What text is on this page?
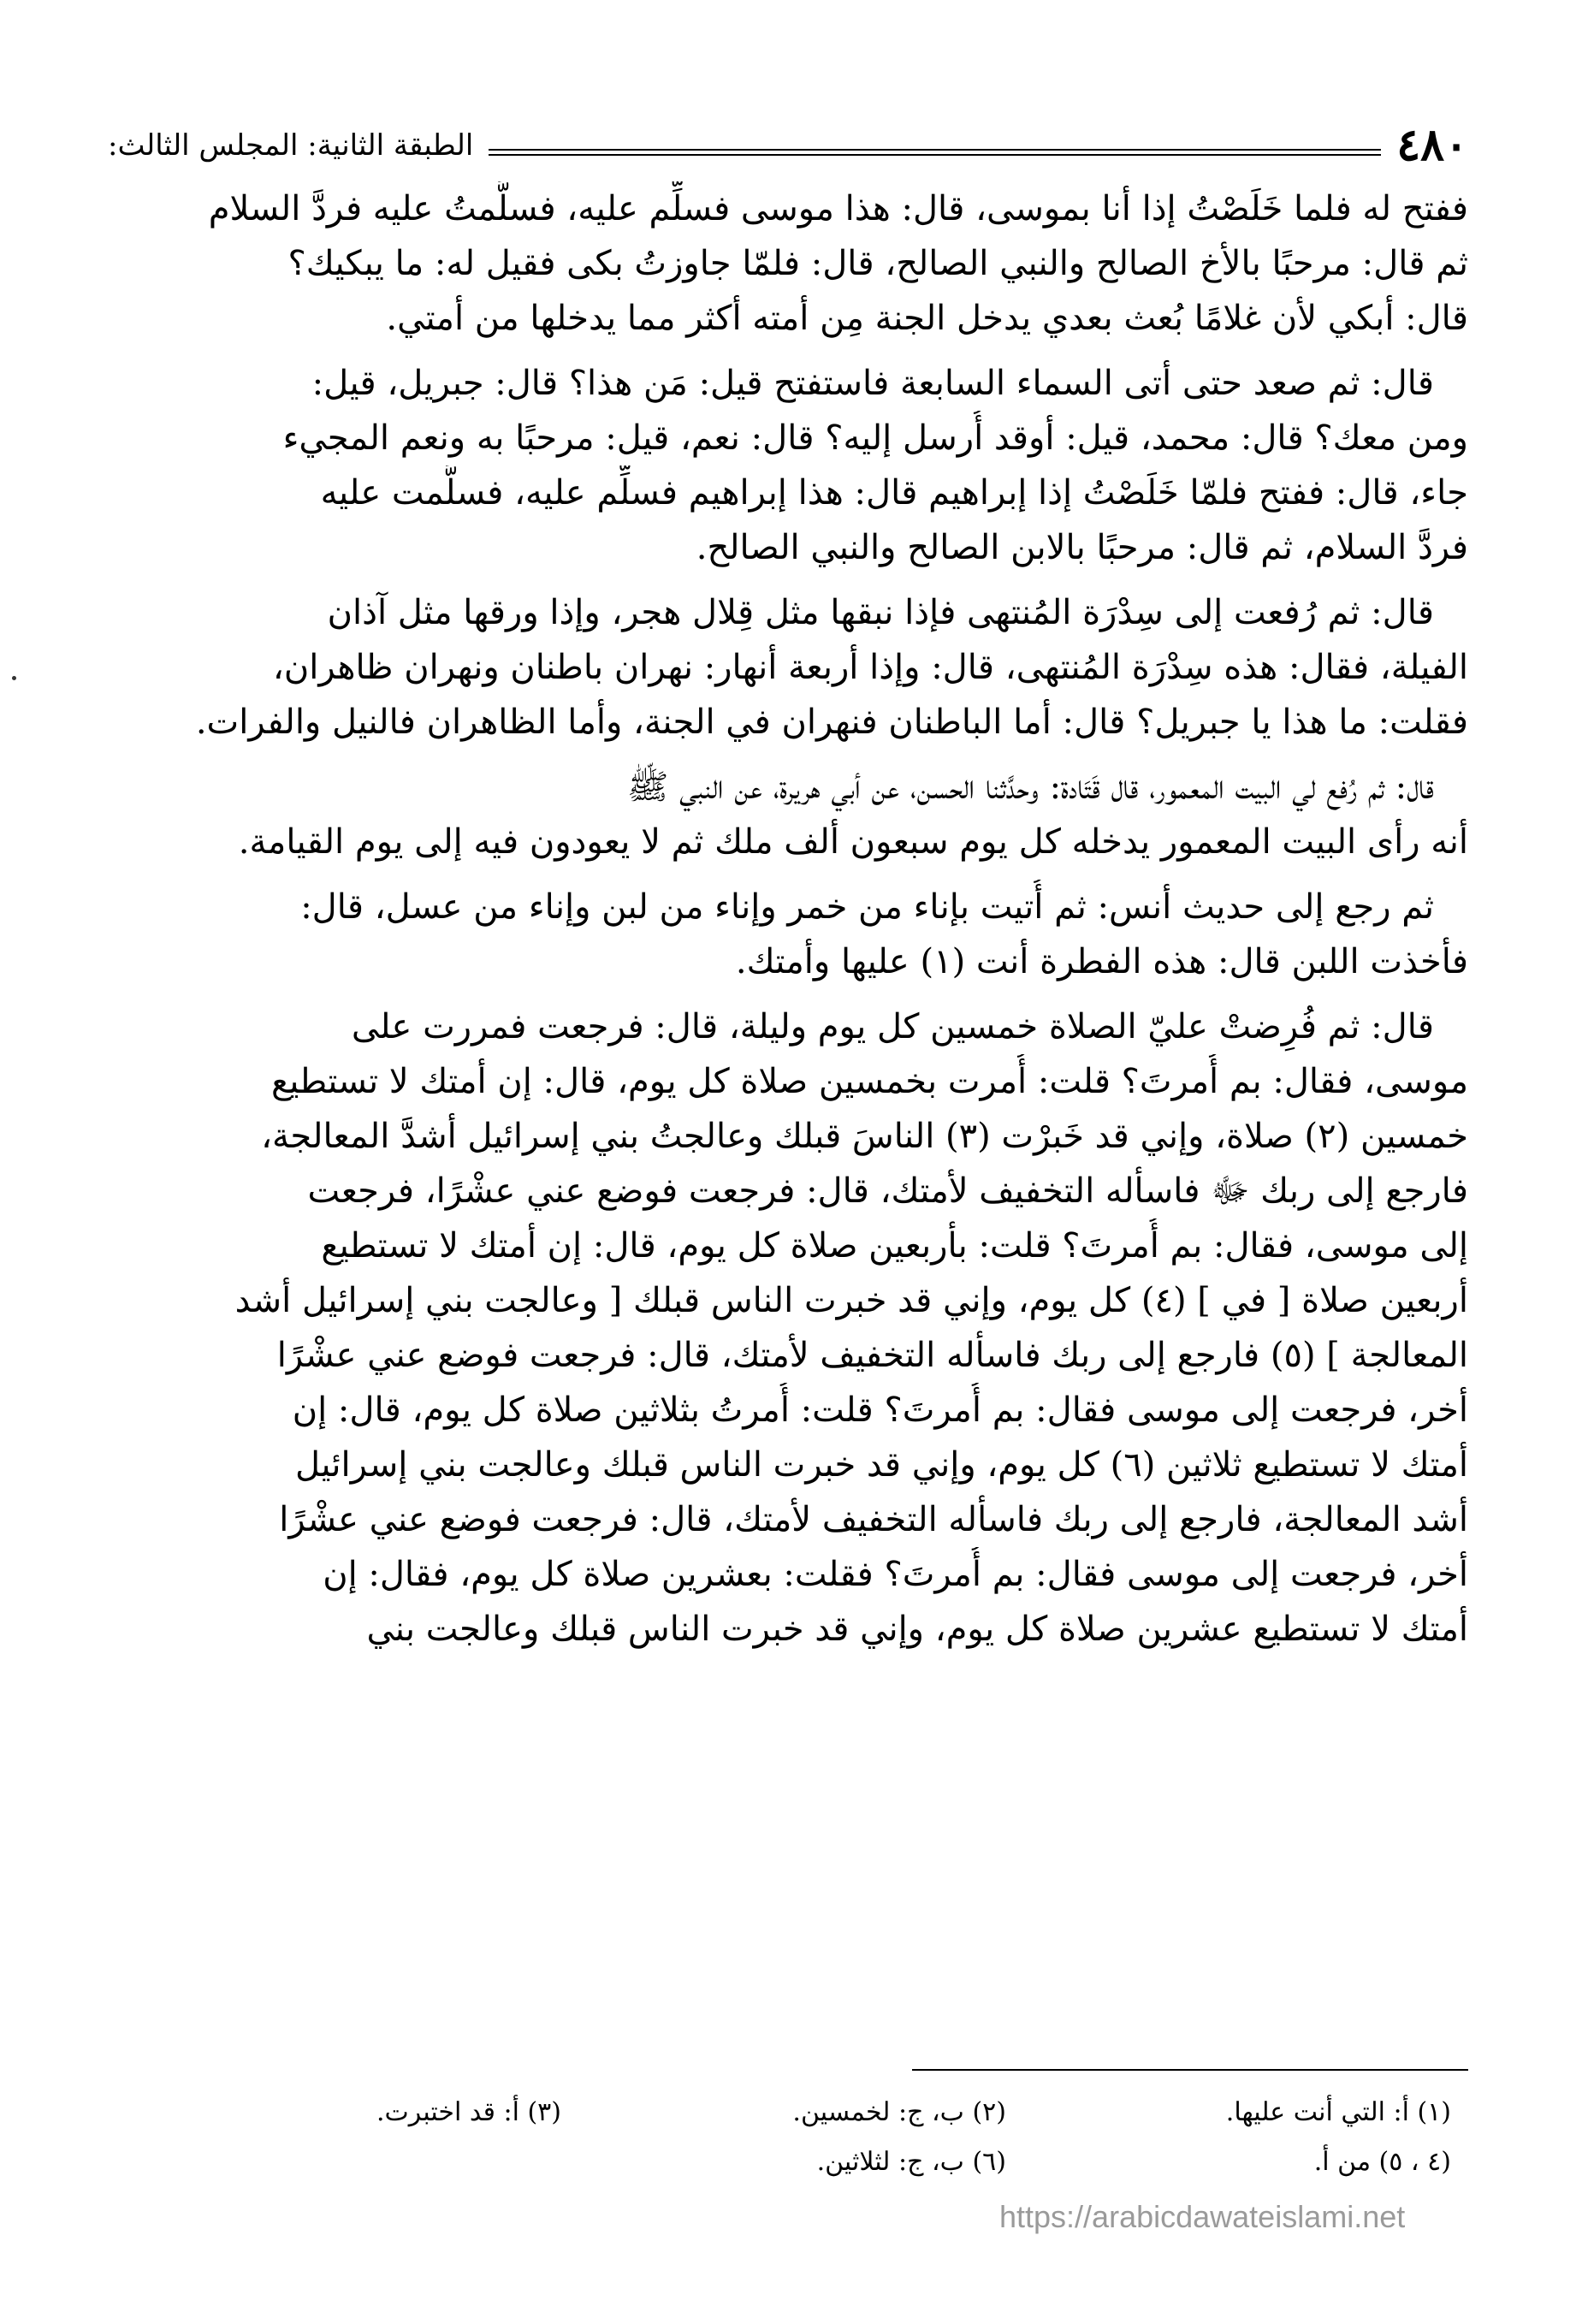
٤٨٠
الطبقة الثانية: المجلس الثالث:
ففتح له فلما خَلَصْتُ إذا أنا بموسى، قال: هذا موسى فسلِّم عليه، فسلَّمتُ عليه فردَّ السلام
ثم قال: مرحبًا بالأخ الصالح والنبي الصالح، قال: فلمّا جاوزتُ بكى فقيل له: ما يبكيك؟
قال: أبكي لأن غلامًا بُعث بعدي يدخل الجنة مِن أمته أكثر مما يدخلها من أمتي.
قال: ثم صعد حتى أتى السماء السابعة فاستفتح قيل: مَن هذا؟ قال: جبريل، قيل:
ومن معك؟ قال: محمد، قيل: أوقد أُرسل إليه؟ قال: نعم، قيل: مرحبًا به ونعم المجيء
جاء، قال: ففتح فلمّا خَلَصْتُ إذا إبراهيم قال: هذا إبراهيم فسلِّم عليه، فسلَّمت عليه
فردَّ السلام، ثم قال: مرحبًا بالابن الصالح والنبي الصالح.
قال: ثم رُفعت إلى سِدْرَة المُنتهى فإذا نبقها مثل قِلال هجر، وإذا ورقها مثل آذان
الفيلة، فقال: هذه سِدْرَة المُنتهى، قال: وإذا أربعة أنهار: نهران باطنان ونهران ظاهران،
فقلت: ما هذا يا جبريل؟ قال: أما الباطنان فنهران في الجنة، وأما الظاهران فالنيل والفرات.
قال: ثم رُفع لي البيت المعمور، قال قَتَادة: وحدَّثنا الحسن، عن أبي هريرة، عن النبي ﷺ
أنه رأى البيت المعمور يدخله كل يوم سبعون ألف ملك ثم لا يعودون فيه إلى يوم القيامة.
ثم رجع إلى حديث أنس: ثم أُتيت بإناء من خمر وإناء من لبن وإناء من عسل، قال:
فأخذت اللبن قال: هذه الفطرة أنت (١) عليها وأمتك.
قال: ثم فُرِضتْ عليّ الصلاة خمسين كل يوم وليلة، قال: فرجعت فمررت على
موسى، فقال: بم أُمرتَ؟ قلت: أُمرت بخمسين صلاة كل يوم، قال: إن أمتك لا تستطيع
خمسين (٢) صلاة، وإني قد خَبرْت (٣) الناسَ قبلك وعالجتُ بني إسرائيل أشدَّ المعالجة،
فارجع إلى ربك ﷻ فاسأله التخفيف لأمتك، قال: فرجعت فوضع عني عشْرًا، فرجعت
إلى موسى، فقال: بم أُمرتَ؟ قلت: بأربعين صلاة كل يوم، قال: إن أمتك لا تستطيع
أربعين صلاة [ في ] (٤) كل يوم، وإني قد خبرت الناس قبلك [ وعالجت بني إسرائيل أشد
المعالجة ] (٥) فارجع إلى ربك فاسأله التخفيف لأمتك، قال: فرجعت فوضع عني عشْرًا
أخر، فرجعت إلى موسى فقال: بم أُمرتَ؟ قلت: أُمرتُ بثلاثين صلاة كل يوم، قال: إن
أمتك لا تستطيع ثلاثين (٦) كل يوم، وإني قد خبرت الناس قبلك وعالجت بني إسرائيل
أشد المعالجة، فارجع إلى ربك فاسأله التخفيف لأمتك، قال: فرجعت فوضع عني عشْرًا
أخر، فرجعت إلى موسى فقال: بم أُمرتَ؟ فقلت: بعشرين صلاة كل يوم، فقال: إن
أمتك لا تستطيع عشرين صلاة كل يوم، وإني قد خبرت الناس قبلك وعالجت بني
(١) أ: التي أنت عليها.
(٢) ب، ج: لخمسين.
(٣) أ: قد اختبرت.
(٤ ، ٥) من أ.
(٦) ب، ج: لثلاثين.
https://arabicdawateislami.net
